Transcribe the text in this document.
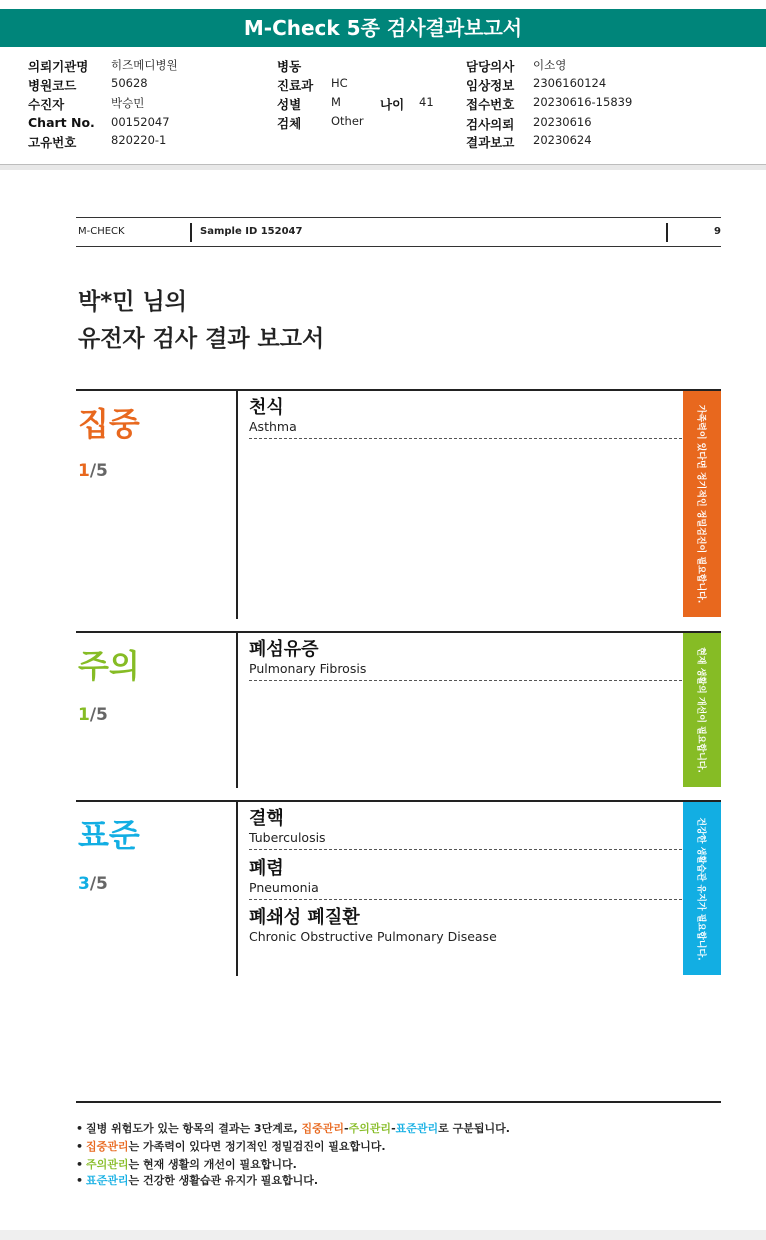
M-Check 5종 검사결과보고서
의뢰기관명 히즈메디병원
병원코드	50628
수진자	박승민
Chart No. 00152047
고유번호	820220-1
병동
진료과 HC
성별	M	나이 41
검체	Other
담당의사 이소영
임상정보 2306160124
접수번호 20230616-15839
검사의뢰 20230616
결과보고 20230624
M-CHECK	Sample ID 152047	9
박*민 님의
유전자 검사 결과 보고서
집중
1/5
천식
Asthma	가족력이 있다면 정기적인 정밀검진이 필요합니다.
주의
1/5
폐섬유증
Pulmonary Fibrosis	현재 생활의 개선이 필요합니다.
표준
3/5
결핵
Tuberculosis
폐렴
Pneumonia
폐쇄성 폐질환
Chronic Obstructive Pulmonary Disease	건강한 생활습관 유지가 필요합니다.
• 질병 위험도가 있는 항목의 결과는 3단계로, 집중관리-주의관리-표준관리로 구분됩니다.
• 집중관리는 가족력이 있다면 정기적인 정밀검진이 필요합니다.
• 주의관리는 현재 생활의 개선이 필요합니다.
• 표준관리는 건강한 생활습관 유지가 필요합니다.
